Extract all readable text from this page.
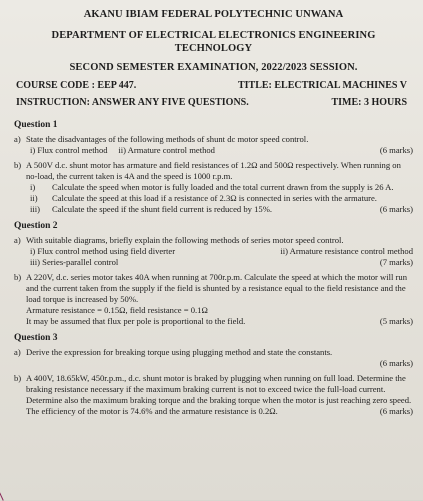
AKANU IBIAM FEDERAL POLYTECHNIC UNWANA
DEPARTMENT OF ELECTRICAL ELECTRONICS ENGINEERING TECHNOLOGY
SECOND SEMESTER EXAMINATION, 2022/2023 SESSION.
COURSE CODE : EEP 447.	TITLE: ELECTRICAL MACHINES V
INSTRUCTION: ANSWER ANY FIVE QUESTIONS.	TIME: 3 HOURS
Question 1
a) State the disadvantages of the following methods of shunt dc motor speed control.
i) Flux control method ii) Armature control method	(6 marks)
b) A 500V d.c. shunt motor has armature and field resistances of 1.2Ω and 500Ω respectively. When running on no-load, the current taken is 4A and the speed is 1000 r.p.m.
i)	Calculate the speed when motor is fully loaded and the total current drawn from the supply is 26 A.
ii)	Calculate the speed at this load if a resistance of 2.3Ω is connected in series with the armature.
iii)	Calculate the speed if the shunt field current is reduced by 15%.	(6 marks)
Question 2
a) With suitable diagrams, briefly explain the following methods of series motor speed control.
i) Flux control method using field diverter	ii) Armature resistance control method
iii) Series-parallel control	(7 marks)
b) A 220V, d.c. series motor takes 40A when running at 700r.p.m. Calculate the speed at which the motor will run and the current taken from the supply if the field is shunted by a resistance equal to the field resistance and the load torque is increased by 50%.
Armature resistance = 0.15Ω, field resistance = 0.1Ω
It may be assumed that flux per pole is proportional to the field.	(5 marks)
Question 3
a) Derive the expression for breaking torque using plugging method and state the constants.
(6 marks)
b) A 400V, 18.65kW, 450r.p.m., d.c. shunt motor is braked by plugging when running on full load. Determine the braking resistance necessary if the maximum braking current is not to exceed twice the full-load current. Determine also the maximum braking torque and the braking torque when the motor is just reaching zero speed. The efficiency of the motor is 74.6% and the armature resistance is 0.2Ω.	(6 marks)
